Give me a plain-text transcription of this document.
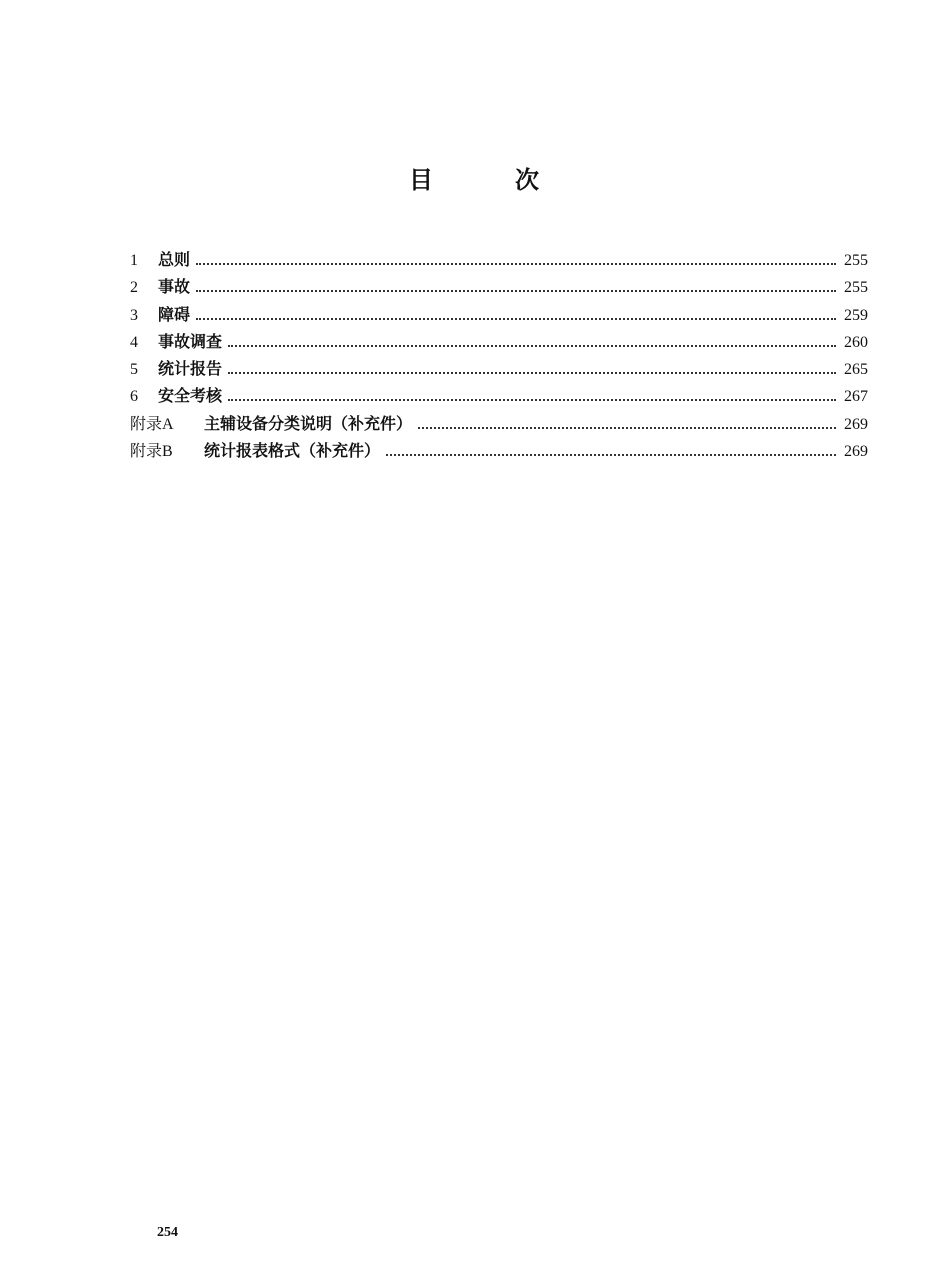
目	次
1	总则	255
2	事故	255
3	障碍	259
4	事故调查	260
5	统计报告	265
6	安全考核	267
附录A	主辅设备分类说明（补充件）	269
附录B	统计报表格式（补充件）	269
254
